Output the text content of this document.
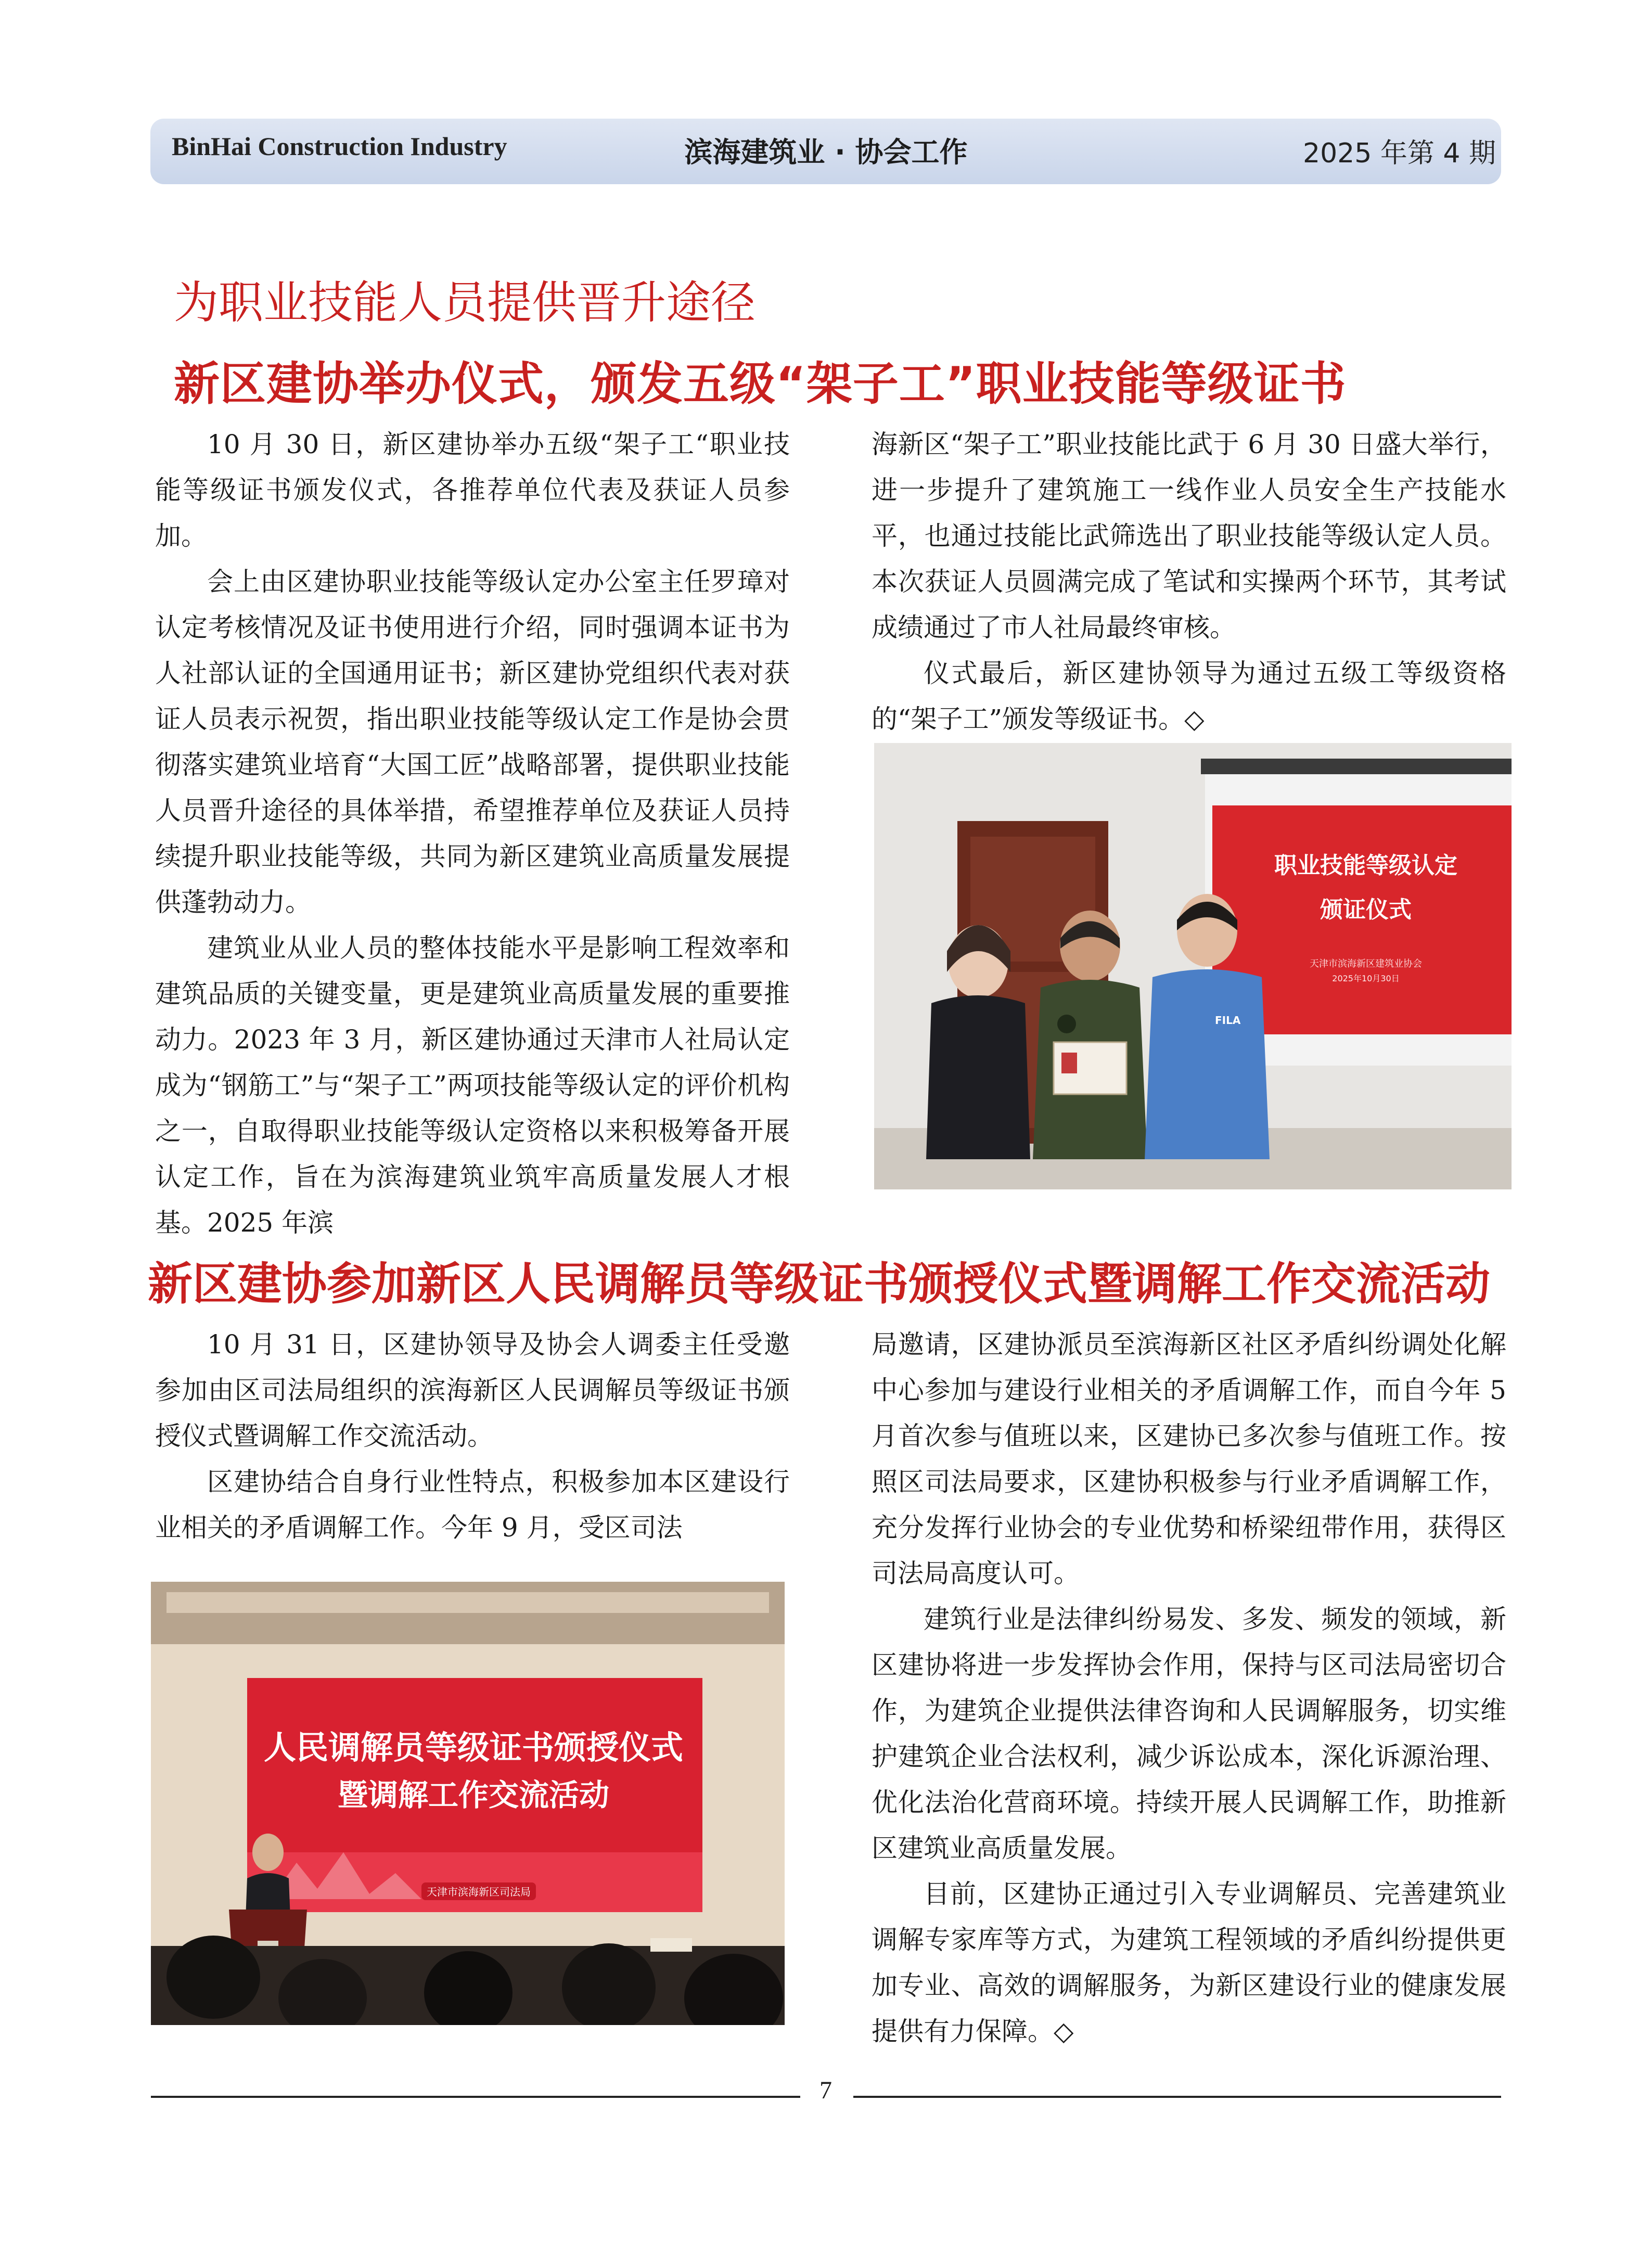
BinHai Construction Industry	滨海建筑业 · 协会工作	2025 年第 4 期
为职业技能人员提供晋升途径
新区建协举办仪式，颁发五级“架子工”职业技能等级证书

10 月 30 日，新区建协举办五级“架子工“职业技能等级证书颁发仪式，各推荐单位代表及获证人员参加。

会上由区建协职业技能等级认定办公室主任罗璋对认定考核情况及证书使用进行介绍，同时强调本证书为人社部认证的全国通用证书；新区建协党组织代表对获证人员表示祝贺，指出职业技能等级认定工作是协会贯彻落实建筑业培育“大国工匠”战略部署，提供职业技能人员晋升途径的具体举措，希望推荐单位及获证人员持续提升职业技能等级，共同为新区建筑业高质量发展提供蓬勃动力。

建筑业从业人员的整体技能水平是影响工程效率和建筑品质的关键变量，更是建筑业高质量发展的重要推动力。2023 年 3 月，新区建协通过天津市人社局认定成为“钢筋工”与“架子工”两项技能等级认定的评价机构之一，自取得职业技能等级认定资格以来积极筹备开展认定工作，旨在为滨海建筑业筑牢高质量发展人才根基。2025 年滨

海新区“架子工”职业技能比武于 6 月 30 日盛大举行，进一步提升了建筑施工一线作业人员安全生产技能水平，也通过技能比武筛选出了职业技能等级认定人员。本次获证人员圆满完成了笔试和实操两个环节，其考试成绩通过了市人社局最终审核。

仪式最后，新区建协领导为通过五级工等级资格的“架子工”颁发等级证书。◇

职业技能等级认定
颁证仪式
天津市滨海新区建筑业协会
2025年10月30日
FILA
新区建协参加新区人民调解员等级证书颁授仪式暨调解工作交流活动

10 月 31 日，区建协领导及协会人调委主任受邀参加由区司法局组织的滨海新区人民调解员等级证书颁授仪式暨调解工作交流活动。

区建协结合自身行业性特点，积极参加本区建设行业相关的矛盾调解工作。今年 9 月，受区司法

局邀请，区建协派员至滨海新区社区矛盾纠纷调处化解中心参加与建设行业相关的矛盾调解工作，而自今年 5 月首次参与值班以来，区建协已多次参与值班工作。按照区司法局要求，区建协积极参与行业矛盾调解工作，充分发挥行业协会的专业优势和桥梁纽带作用，获得区司法局高度认可。

建筑行业是法律纠纷易发、多发、频发的领域，新区建协将进一步发挥协会作用，保持与区司法局密切合作，为建筑企业提供法律咨询和人民调解服务，切实维护建筑企业合法权利，减少诉讼成本，深化诉源治理、优化法治化营商环境。持续开展人民调解工作，助推新区建筑业高质量发展。

目前，区建协正通过引入专业调解员、完善建筑业调解专家库等方式，为建筑工程领域的矛盾纠纷提供更加专业、高效的调解服务，为新区建设行业的健康发展提供有力保障。◇

人民调解员等级证书颁授仪式
暨调解工作交流活动
天津市滨海新区司法局
7
